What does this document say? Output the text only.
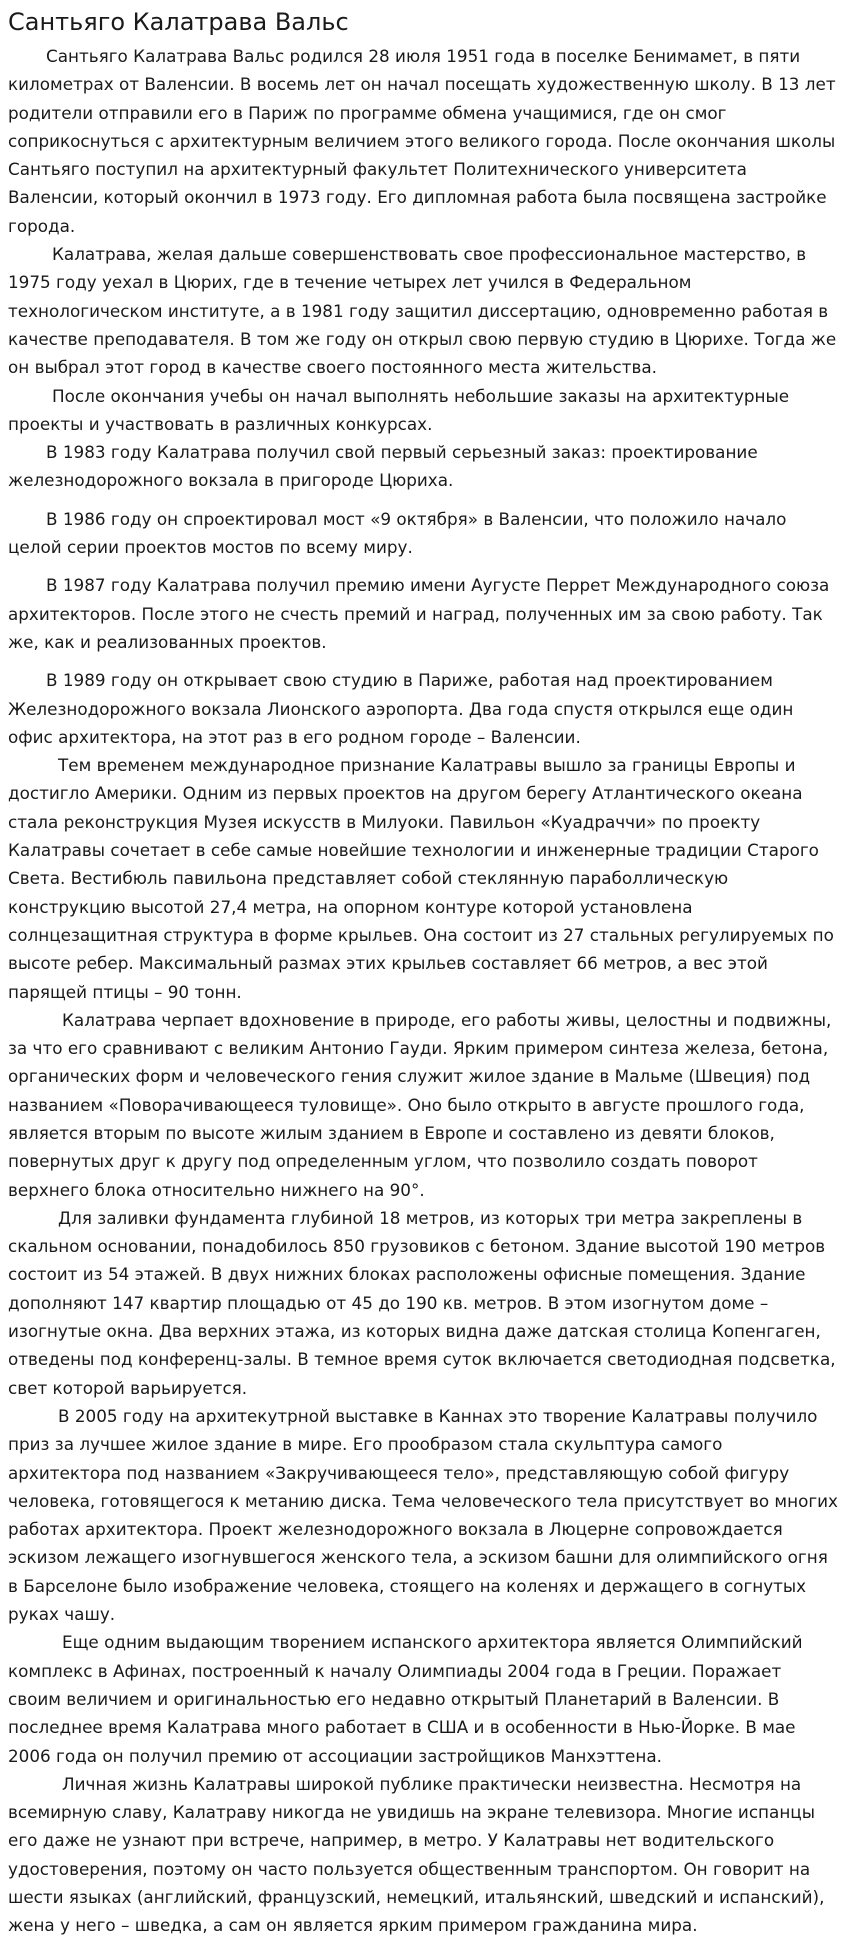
Сантьяго Калатрава Вальс

Сантьяго Калатрава Вальс родился 28 июля 1951 года в поселке Бенимамет, в пяти километрах от Валенсии. В восемь лет он начал посещать художественную школу. В 13 лет родители отправили его в Париж по программе обмена учащимися, где он смог соприкоснуться с архитектурным величием этого великого города. После окончания школы Сантьяго поступил на архитектурный факультет Политехнического университета Валенсии, который окончил в 1973 году. Его дипломная работа была посвящена застройке города.

Калатрава, желая дальше совершенствовать свое профессиональное мастерство, в 1975 году уехал в Цюрих, где в течение четырех лет учился в Федеральном технологическом институте, а в 1981 году защитил диссертацию, одновременно работая в качестве преподавателя. В том же году он открыл свою первую студию в Цюрихе. Тогда же он выбрал этот город в качестве своего постоянного места жительства.

После окончания учебы он начал выполнять небольшие заказы на архитектурные проекты и участвовать в различных конкурсах.

В 1983 году Калатрава получил свой первый серьезный заказ: проектирование железнодорожного вокзала в пригороде Цюриха.

В 1986 году он спроектировал мост «9 октября» в Валенсии, что положило начало целой серии проектов мостов по всему миру.

В 1987 году Калатрава получил премию имени Аугусте Перрет Международного союза архитекторов. После этого не счесть премий и наград, полученных им за свою работу. Так же, как и реализованных проектов.

В 1989 году он открывает свою студию в Париже, работая над проектированием Железнодорожного вокзала Лионского аэропорта. Два года спустя открылся еще один офис архитектора, на этот раз в его родном городе – Валенсии.

Тем временем международное признание Калатравы вышло за границы Европы и достигло Америки. Одним из первых проектов на другом берегу Атлантического океана стала реконструкция Музея искусств в Милуоки. Павильон «Куадраччи» по проекту Калатравы сочетает в себе самые новейшие технологии и инженерные традиции Старого Света. Вестибюль павильона представляет собой стеклянную параболлическую конструкцию высотой 27,4 метра, на опорном контуре которой установлена солнцезащитная структура в форме крыльев. Она состоит из 27 стальных регулируемых по высоте ребер. Максимальный размах этих крыльев составляет 66 метров, а вес этой парящей птицы – 90 тонн.

Калатрава черпает вдохновение в природе, его работы живы, целостны и подвижны, за что его сравнивают с великим Антонио Гауди. Ярким примером синтеза железа, бетона, органических форм и человеческого гения служит жилое здание в Мальме (Швеция) под названием «Поворачивающееся туловище». Оно было открыто в августе прошлого года, является вторым по высоте жилым зданием в Европе и составлено из девяти блоков, повернутых друг к другу под определенным углом, что позволило создать поворот верхнего блока относительно нижнего на 90°.

Для заливки фундамента глубиной 18 метров, из которых три метра закреплены в скальном основании, понадобилось 850 грузовиков с бетоном. Здание высотой 190 метров состоит из 54 этажей. В двух нижних блоках расположены офисные помещения. Здание дополняют 147 квартир площадью от 45 до 190 кв. метров. В этом изогнутом доме – изогнутые окна. Два верхних этажа, из которых видна даже датская столица Копенгаген, отведены под конференц-залы. В темное время суток включается светодиодная подсветка, свет которой варьируется.

В 2005 году на архитекутрной выставке в Каннах это творение Калатравы получило приз за лучшее жилое здание в мире. Его прообразом стала скульптура самого архитектора под названием «Закручивающееся тело», представляющую собой фигуру человека, готовящегося к метанию диска. Тема человеческого тела присутствует во многих работах архитектора. Проект железнодорожного вокзала в Люцерне сопровождается эскизом лежащего изогнувшегося женского тела, а эскизом башни для олимпийского огня в Барселоне было изображение человека, стоящего на коленях и держащего в согнутых руках чашу.

Еще одним выдающим творением испанского архитектора является Олимпийский комплекс в Афинах, построенный к началу Олимпиады 2004 года в Греции. Поражает своим величием и оригинальностью его недавно открытый Планетарий в Валенсии. В последнее время Калатрава много работает в США и в особенности в Нью-Йорке. В мае 2006 года он получил премию от ассоциации застройщиков Манхэттена.

Личная жизнь Калатравы широкой публике практически неизвестна. Несмотря на всемирную славу, Калатраву никогда не увидишь на экране телевизора. Многие испанцы его даже не узнают при встрече, например, в метро. У Калатравы нет водительского удостоверения, поэтому он часто пользуется общественным транспортом. Он говорит на шести языках (английский, французский, немецкий, итальянский, шведский и испанский), жена у него – шведка, а сам он является ярким примером гражданина мира.
